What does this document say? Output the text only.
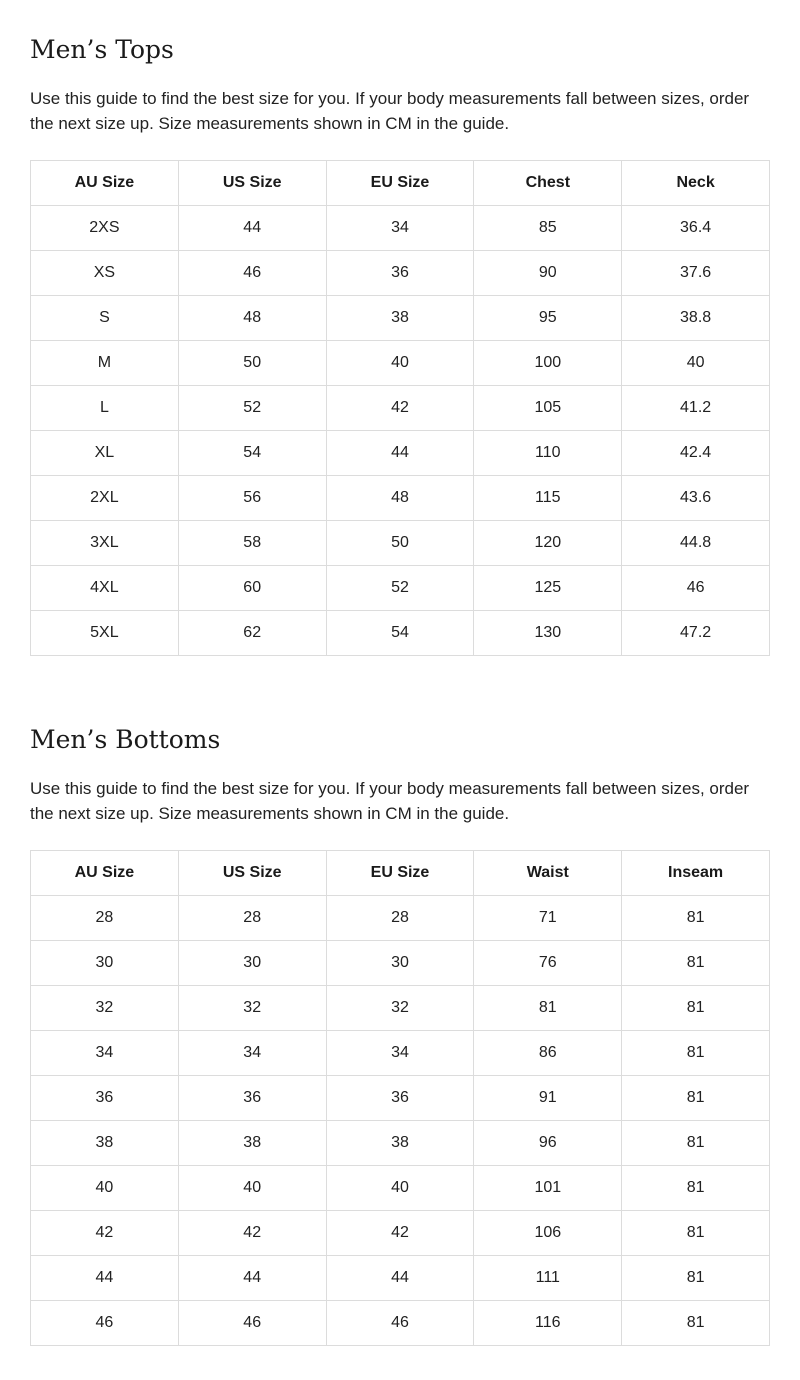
Men’s Tops

Use this guide to find the best size for you. If your body measurements fall between sizes, order the next size up. Size measurements shown in CM in the guide.

AU Size	US Size	EU Size	Chest	Neck
2XS	44	34	85	36.4
XS	46	36	90	37.6
S	48	38	95	38.8
M	50	40	100	40
L	52	42	105	41.2
XL	54	44	110	42.4
2XL	56	48	115	43.6
3XL	58	50	120	44.8
4XL	60	52	125	46
5XL	62	54	130	47.2
Men’s Bottoms

Use this guide to find the best size for you. If your body measurements fall between sizes, order the next size up. Size measurements shown in CM in the guide.

AU Size	US Size	EU Size	Waist	Inseam
28	28	28	71	81
30	30	30	76	81
32	32	32	81	81
34	34	34	86	81
36	36	36	91	81
38	38	38	96	81
40	40	40	101	81
42	42	42	106	81
44	44	44	111	81
46	46	46	116	81
